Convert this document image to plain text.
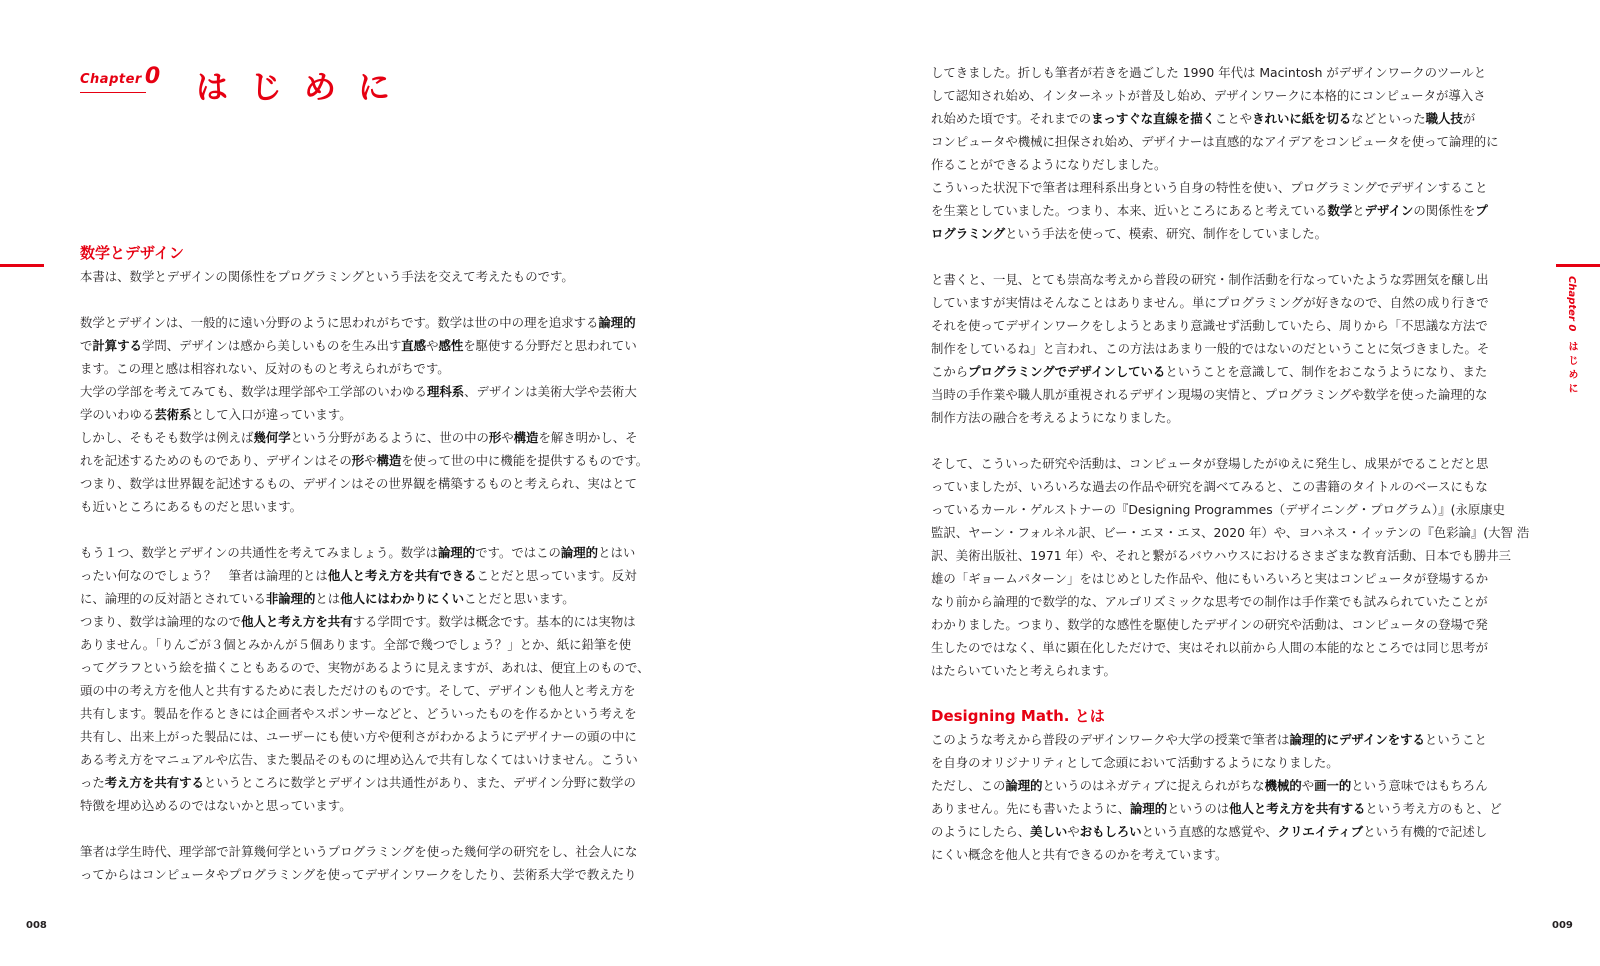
Chapter 0 はじめに
数学とデザイン

本書は、数学とデザインの関係性をプログラミングという手法を交えて考えたものです。

数学とデザインは、一般的に遠い分野のように思われがちです。数学は世の中の理を追求する論理的

で計算する学問、デザインは感から美しいものを生み出す直感や感性を駆使する分野だと思われてい

ます。この理と感は相容れない、反対のものと考えられがちです。

大学の学部を考えてみても、数学は理学部や工学部のいわゆる理科系、デザインは美術大学や芸術大

学のいわゆる芸術系として入口が違っています。

しかし、そもそも数学は例えば幾何学という分野があるように、世の中の形や構造を解き明かし、そ

れを記述するためのものであり、デザインはその形や構造を使って世の中に機能を提供するものです。

つまり、数学は世界観を記述するもの、デザインはその世界観を構築するものと考えられ、実はとて

も近いところにあるものだと思います。

もう１つ、数学とデザインの共通性を考えてみましょう。数学は論理的です。ではこの論理的とはい

ったい何なのでしょう？　筆者は論理的とは他人と考え方を共有できることだと思っています。反対

に、論理的の反対語とされている非論理的とは他人にはわかりにくいことだと思います。

つまり、数学は論理的なので他人と考え方を共有する学問です。数学は概念です。基本的には実物は

ありません。「りんごが３個とみかんが５個あります。全部で幾つでしょう？」とか、紙に鉛筆を使

ってグラフという絵を描くこともあるので、実物があるように見えますが、あれは、便宜上のもので、

頭の中の考え方を他人と共有するために表しただけのものです。そして、デザインも他人と考え方を

共有します。製品を作るときには企画者やスポンサーなどと、どういったものを作るかという考えを

共有し、出来上がった製品には、ユーザーにも使い方や便利さがわかるようにデザイナーの頭の中に

ある考え方をマニュアルや広告、また製品そのものに埋め込んで共有しなくてはいけません。こうい

った考え方を共有するというところに数学とデザインは共通性があり、また、デザイン分野に数学の

特徴を埋め込めるのではないかと思っています。

筆者は学生時代、理学部で計算幾何学というプログラミングを使った幾何学の研究をし、社会人にな

ってからはコンピュータやプログラミングを使ってデザインワークをしたり、芸術系大学で教えたり

008

してきました。折しも筆者が若きを過ごした 1990 年代は Macintosh がデザインワークのツールと

して認知され始め、インターネットが普及し始め、デザインワークに本格的にコンピュータが導入さ

れ始めた頃です。それまでのまっすぐな直線を描くことやきれいに紙を切るなどといった職人技が

コンピュータや機械に担保され始め、デザイナーは直感的なアイデアをコンピュータを使って論理的に

作ることができるようになりだしました。

こういった状況下で筆者は理科系出身という自身の特性を使い、プログラミングでデザインすること

を生業としていました。つまり、本来、近いところにあると考えている数学とデザインの関係性をプ

ログラミングという手法を使って、模索、研究、制作をしていました。

と書くと、一見、とても崇高な考えから普段の研究・制作活動を行なっていたような雰囲気を醸し出

していますが実情はそんなことはありません。単にプログラミングが好きなので、自然の成り行きで

それを使ってデザインワークをしようとあまり意識せず活動していたら、周りから「不思議な方法で

制作をしているね」と言われ、この方法はあまり一般的ではないのだということに気づきました。そ

こからプログラミングでデザインしているということを意識して、制作をおこなうようになり、また

当時の手作業や職人肌が重視されるデザイン現場の実情と、プログラミングや数学を使った論理的な

制作方法の融合を考えるようになりました。

そして、こういった研究や活動は、コンピュータが登場したがゆえに発生し、成果がでることだと思

っていましたが、いろいろな過去の作品や研究を調べてみると、この書籍のタイトルのベースにもな

っているカール・ゲルストナーの『Designing Programmes（デザイニング・プログラム）』(永原康史

監訳、ヤーン・フォルネル訳、ビー・エヌ・エヌ、2020 年）や、ヨハネス・イッテンの『色彩論』(大智 浩

訳、美術出版社、1971 年）や、それと繋がるバウハウスにおけるさまざまな教育活動、日本でも勝井三

雄の「ギョームパターン」をはじめとした作品や、他にもいろいろと実はコンピュータが登場するか

なり前から論理的で数学的な、アルゴリズミックな思考での制作は手作業でも試みられていたことが

わかりました。つまり、数学的な感性を駆使したデザインの研究や活動は、コンピュータの登場で発

生したのではなく、単に顕在化しただけで、実はそれ以前から人間の本能的なところでは同じ思考が

はたらいていたと考えられます。

Designing Math. とは

このような考えから普段のデザインワークや大学の授業で筆者は論理的にデザインをするということ

を自身のオリジナリティとして念頭において活動するようになりました。

ただし、この論理的というのはネガティブに捉えられがちな機械的や画一的という意味ではもちろん

ありません。先にも書いたように、論理的というのは他人と考え方を共有するという考え方のもと、ど

のようにしたら、美しいやおもしろいという直感的な感覚や、クリエイティブという有機的で記述し

にくい概念を他人と共有できるのかを考えています。

Chapter 0はじめに
009
